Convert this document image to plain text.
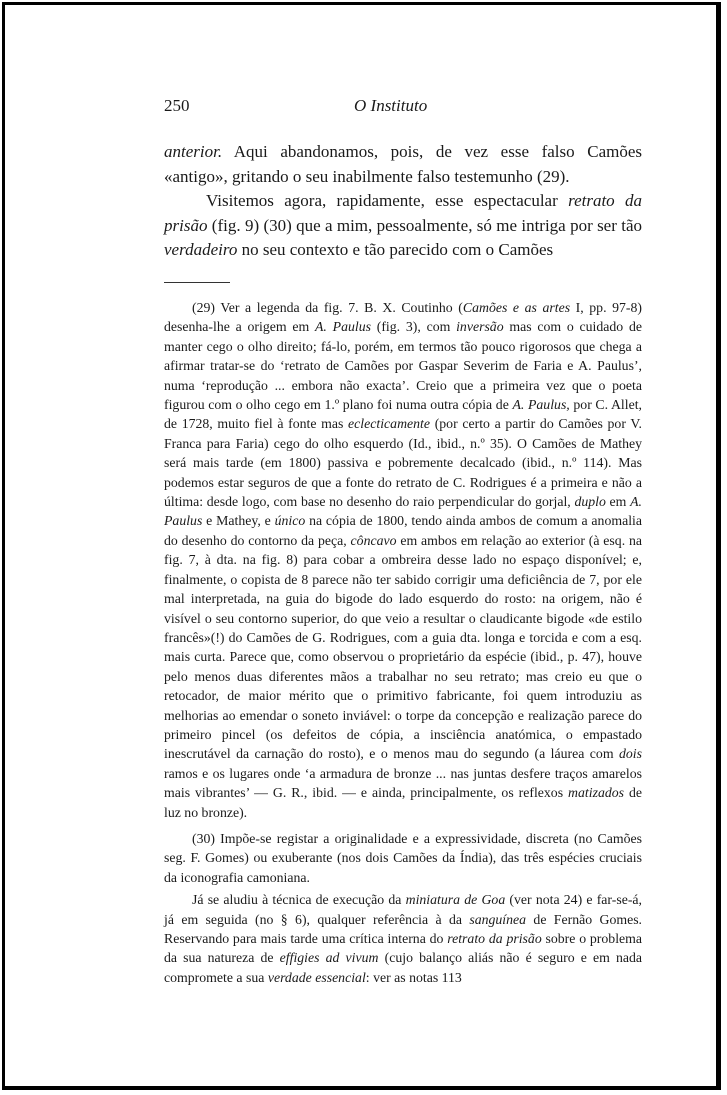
250	O Instituto

anterior. Aqui abandonamos, pois, de vez esse falso Camões «antigo», gritando o seu inabilmente falso testemunho (29).

Visitemos agora, rapidamente, esse espectacular retrato da prisão (fig. 9) (30) que a mim, pessoalmente, só me intriga por ser tão verdadeiro no seu contexto e tão parecido com o Camões

(29) Ver a legenda da fig. 7. B. X. Coutinho (Camões e as artes I, pp. 97-8) desenha-lhe a origem em A. Paulus (fig. 3), com inversão mas com o cuidado de manter cego o olho direito; fá-lo, porém, em termos tão pouco rigorosos que chega a afirmar tratar-se do ‘retrato de Camões por Gaspar Severim de Faria e A. Paulus’, numa ‘reprodução ... embora não exacta’. Creio que a primeira vez que o poeta figurou com o olho cego em 1.º plano foi numa outra cópia de A. Paulus, por C. Allet, de 1728, muito fiel à fonte mas eclecticamente (por certo a partir do Camões por V. Franca para Faria) cego do olho esquerdo (Id., ibid., n.º 35). O Camões de Mathey será mais tarde (em 1800) passiva e pobremente decalcado (ibid., n.º 114). Mas podemos estar seguros de que a fonte do retrato de C. Rodrigues é a primeira e não a última: desde logo, com base no desenho do raio perpendicular do gorjal, duplo em A. Paulus e Mathey, e único na cópia de 1800, tendo ainda ambos de comum a anomalia do desenho do contorno da peça, côncavo em ambos em relação ao exterior (à esq. na fig. 7, à dta. na fig. 8) para cobar a ombreira desse lado no espaço disponível; e, finalmente, o copista de 8 parece não ter sabido corrigir uma deficiência de 7, por ele mal interpretada, na guia do bigode do lado esquerdo do rosto: na origem, não é visível o seu contorno superior, do que veio a resultar o claudicante bigode «de estilo francês»(!) do Camões de G. Rodrigues, com a guia dta. longa e torcida e com a esq. mais curta. Parece que, como observou o proprietário da espécie (ibid., p. 47), houve pelo menos duas diferentes mãos a trabalhar no seu retrato; mas creio eu que o retocador, de maior mérito que o primitivo fabricante, foi quem introduziu as melhorias ao emendar o soneto inviável: o torpe da concepção e realização parece do primeiro pincel (os defeitos de cópia, a insciência anatómica, o empastado inescrutável da carnação do rosto), e o menos mau do segundo (a láurea com dois ramos e os lugares onde ‘a armadura de bronze ... nas juntas desfere traços amarelos mais vibrantes’ — G. R., ibid. — e ainda, principalmente, os reflexos matizados de luz no bronze).

(30) Impõe-se registar a originalidade e a expressividade, discreta (no Camões seg. F. Gomes) ou exuberante (nos dois Camões da Índia), das três espécies cruciais da iconografia camoniana.

Já se aludiu à técnica de execução da miniatura de Goa (ver nota 24) e far-se-á, já em seguida (no § 6), qualquer referência à da sanguínea de Fernão Gomes. Reservando para mais tarde uma crítica interna do retrato da prisão sobre o problema da sua natureza de effigies ad vivum (cujo balanço aliás não é seguro e em nada compromete a sua verdade essencial: ver as notas 113
